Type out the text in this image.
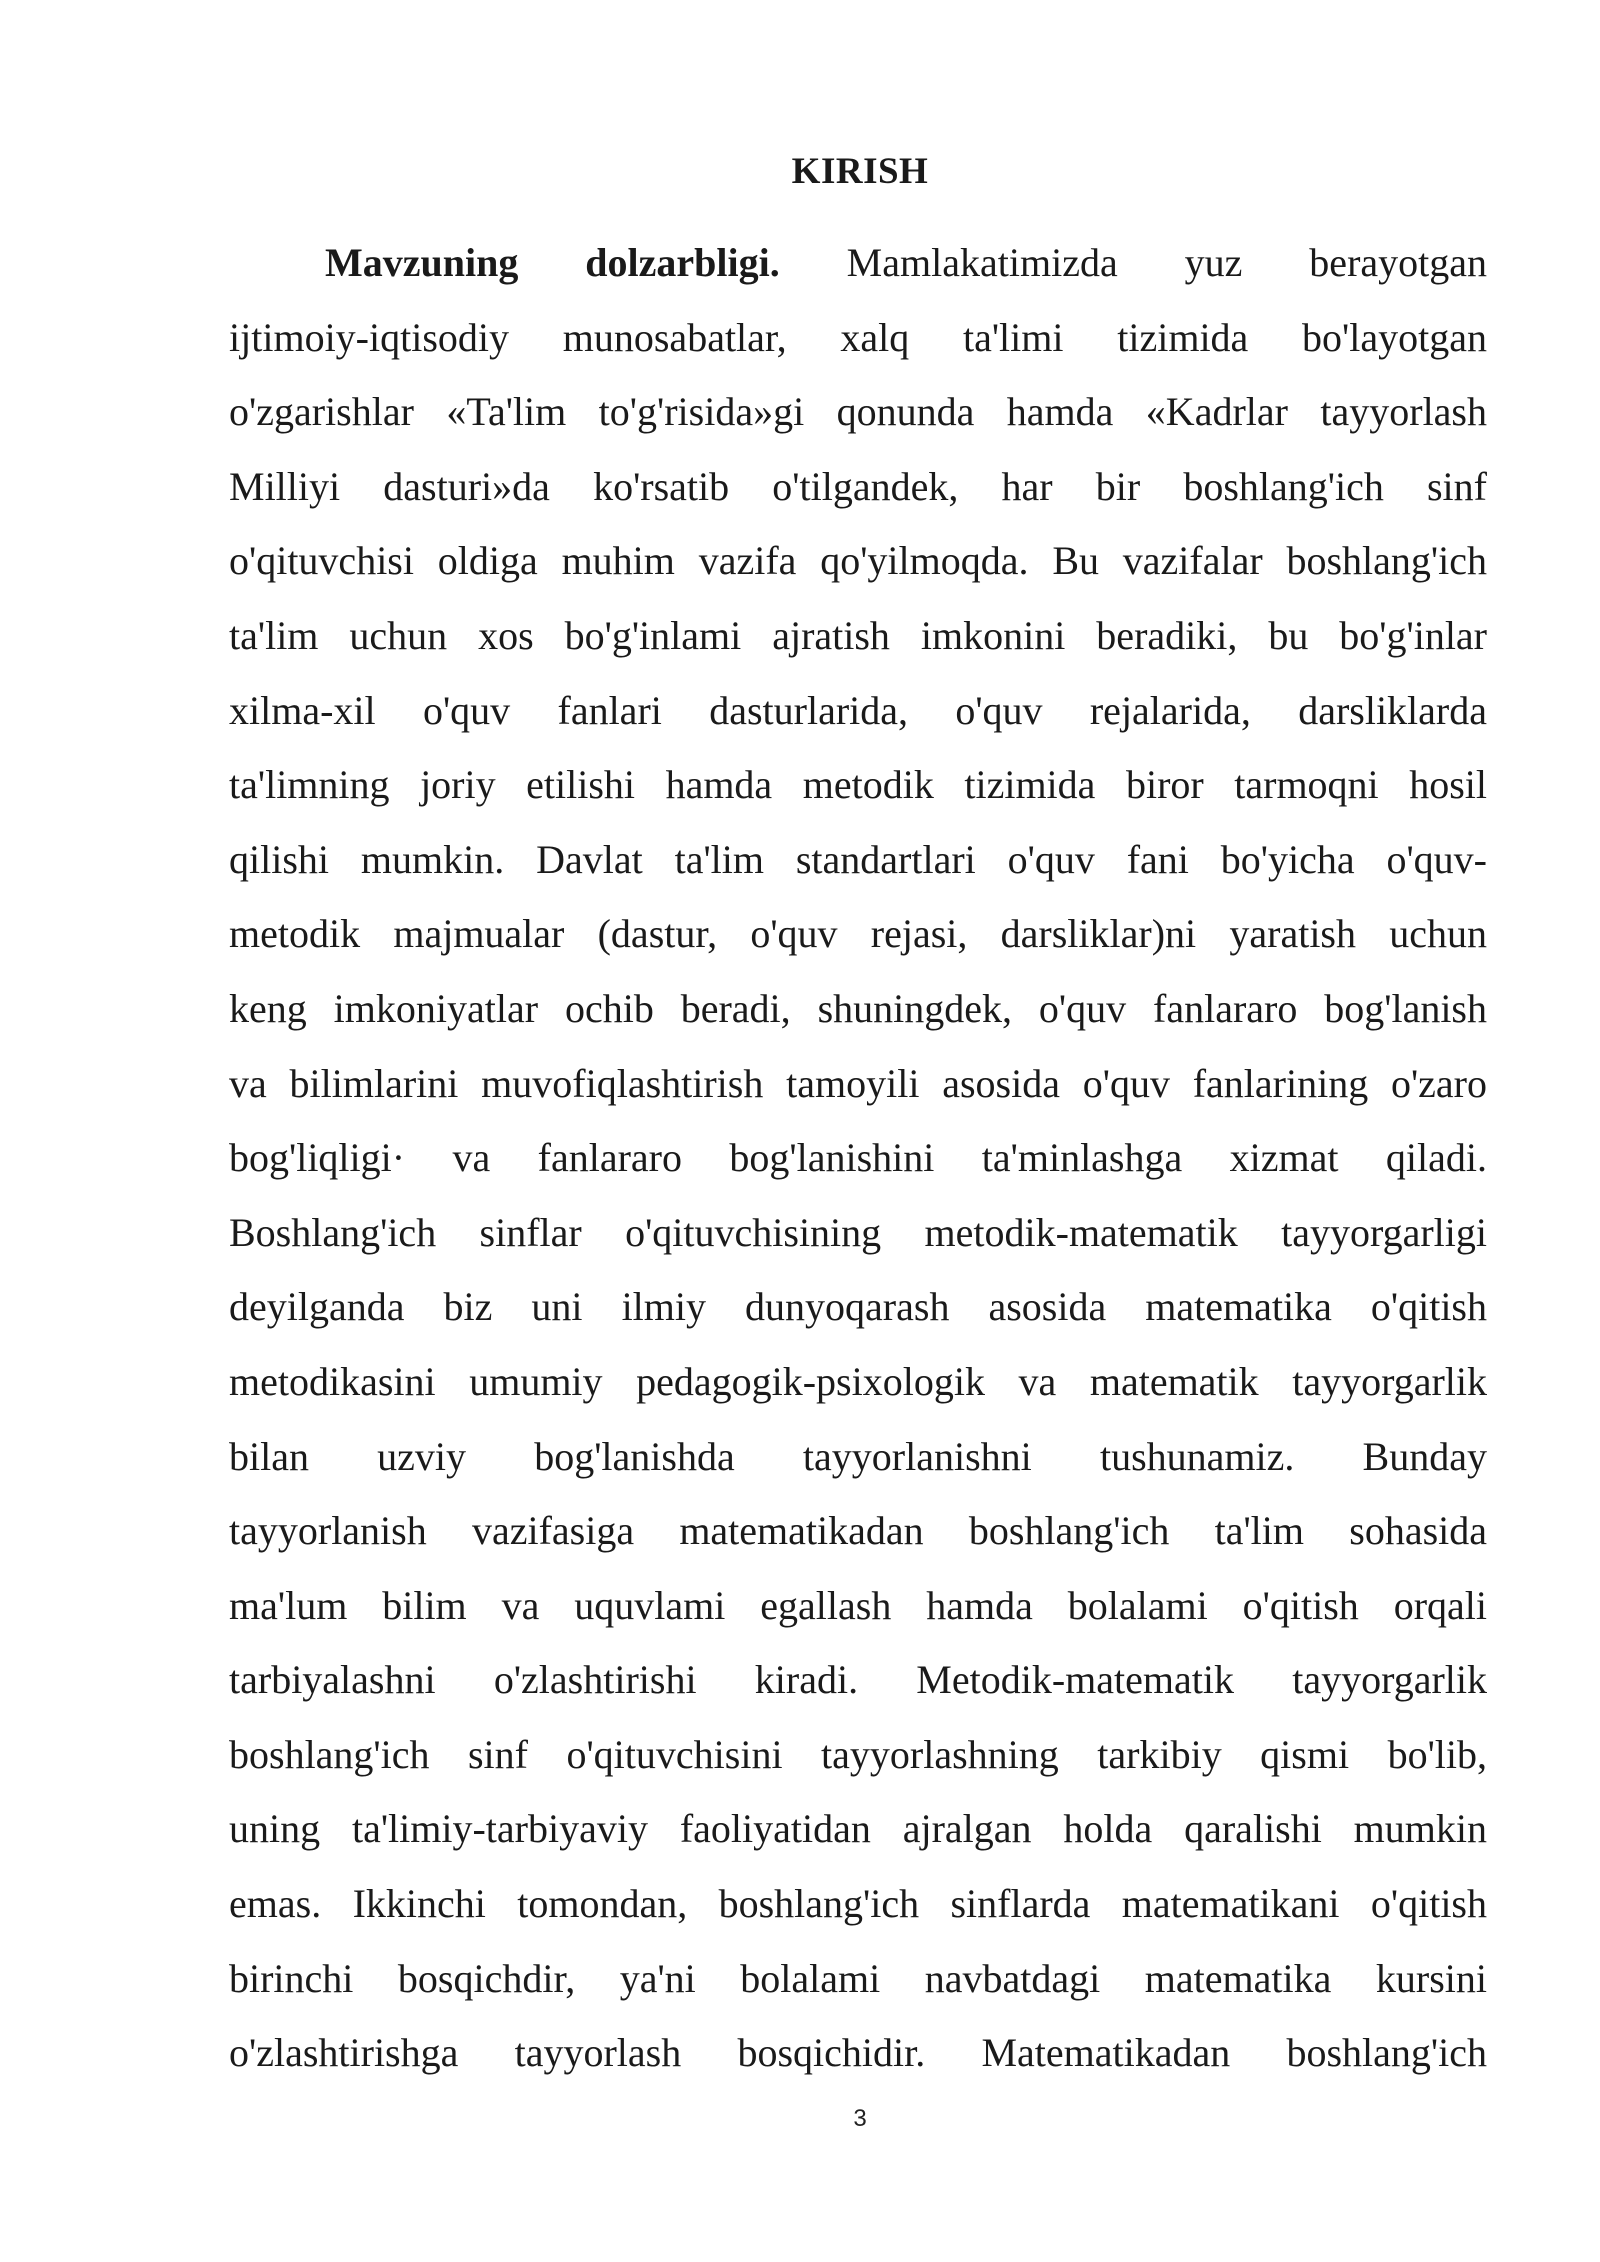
KIRISH
Mavzuning dolzarbligi. Mamlakatimizda yuz berayotgan
ijtimoiy-iqtisodiy munosabatlar, xalq ta'limi tizimida bo'layotgan
o'zgarishlar «Ta'lim to'g'risida»gi qonunda hamda «Kadrlar tayyorlash
Milliyi dasturi»da ko'rsatib o'tilgandek, har bir boshlang'ich sinf
o'qituvchisi oldiga muhim vazifa qo'yilmoqda. Bu vazifalar boshlang'ich
ta'lim uchun xos bo'g'inlami ajratish imkonini beradiki, bu bo'g'inlar
xilma-xil o'quv fanlari dasturlarida, o'quv rejalarida, darsliklarda
ta'limning joriy etilishi hamda metodik tizimida biror tarmoqni hosil
qilishi mumkin. Davlat ta'lim standartlari o'quv fani bo'yicha o'quv-
metodik majmualar (dastur, o'quv rejasi, darsliklar)ni yaratish uchun
keng imkoniyatlar ochib beradi, shuningdek, o'quv fanlararo bog'lanish
va bilimlarini muvofiqlashtirish tamoyili asosida o'quv fanlarining o'zaro
bog'liqligi· va fanlararo bog'lanishini ta'minlashga xizmat qiladi.
Boshlang'ich sinflar o'qituvchisining metodik-matematik tayyorgarligi
deyilganda biz uni ilmiy dunyoqarash asosida matematika o'qitish
metodikasini umumiy pedagogik-psixologik va matematik tayyorgarlik
bilan uzviy bog'lanishda tayyorlanishni tushunamiz. Bunday
tayyorlanish vazifasiga matematikadan boshlang'ich ta'lim sohasida
ma'lum bilim va uquvlami egallash hamda bolalami o'qitish orqali
tarbiyalashni o'zlashtirishi kiradi. Metodik-matematik tayyorgarlik
boshlang'ich sinf o'qituvchisini tayyorlashning tarkibiy qismi bo'lib,
uning ta'limiy-tarbiyaviy faoliyatidan ajralgan holda qaralishi mumkin
emas. Ikkinchi tomondan, boshlang'ich sinflarda matematikani o'qitish
birinchi bosqichdir, ya'ni bolalami navbatdagi matematika kursini
o'zlashtirishga tayyorlash bosqichidir. Matematikadan boshlang'ich
3
